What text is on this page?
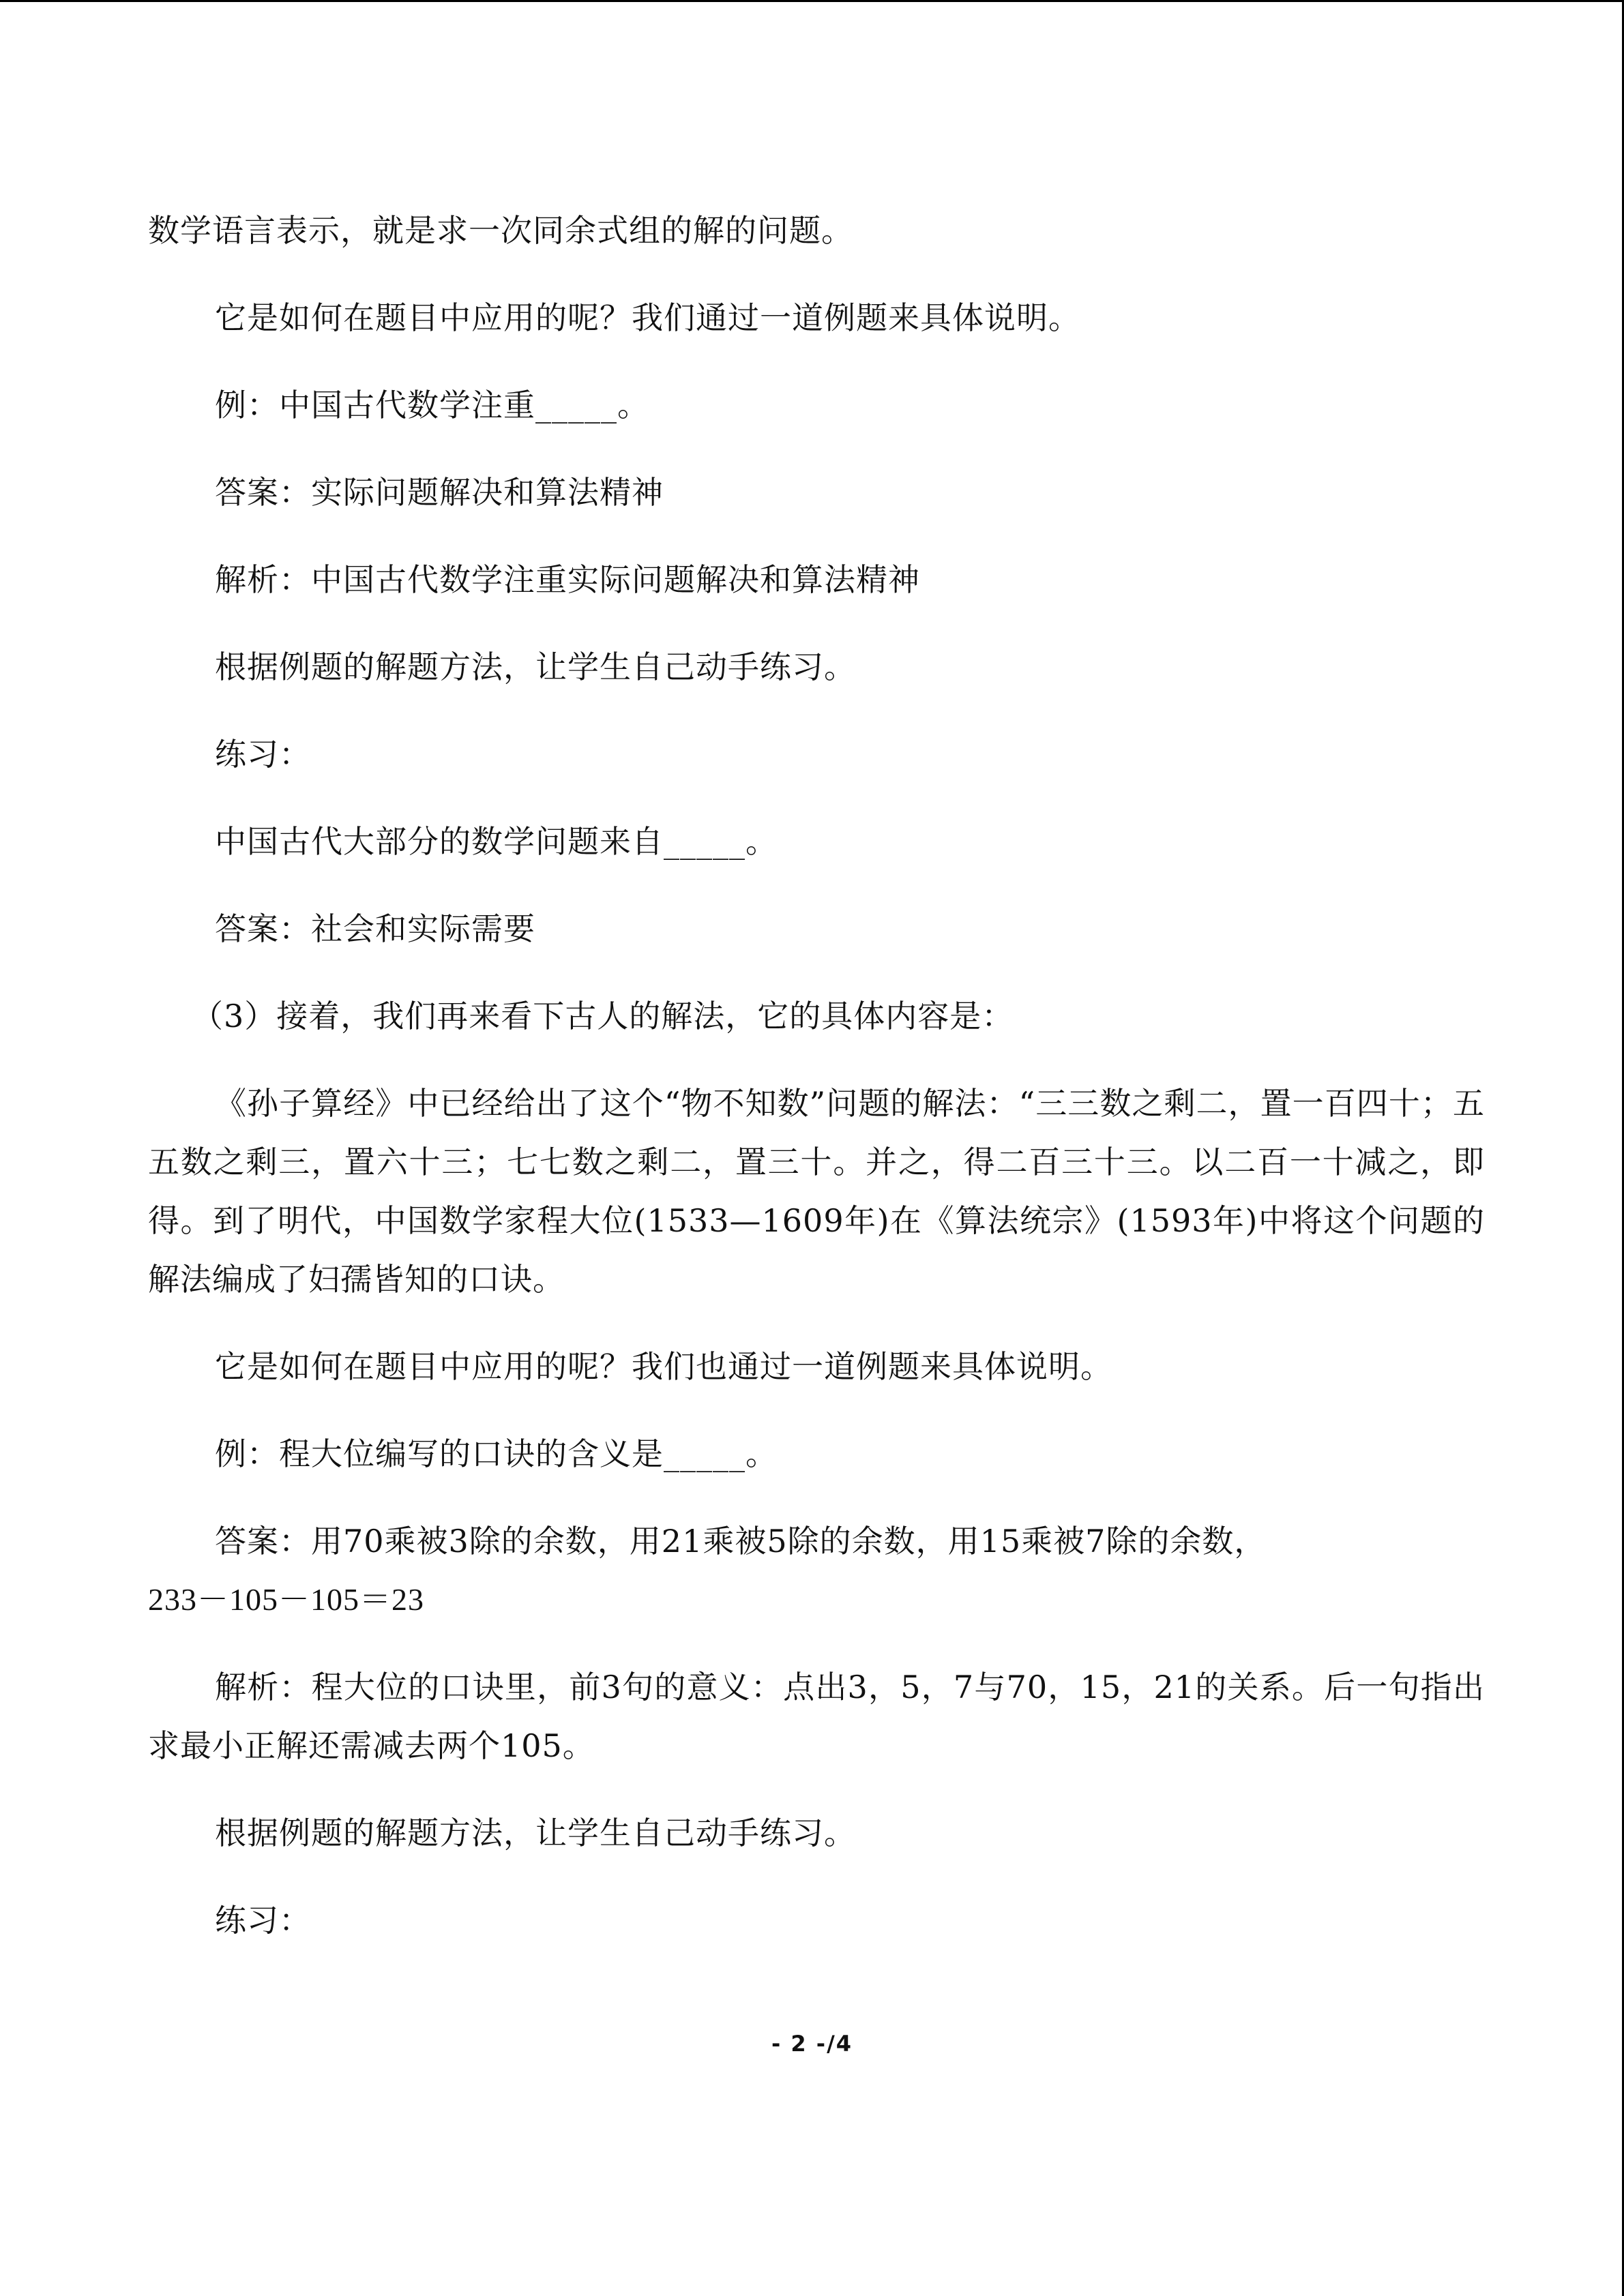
数学语言表示，就是求一次同余式组的解的问题。

它是如何在题目中应用的呢？我们通过一道例题来具体说明。

例：中国古代数学注重_____。

答案：实际问题解决和算法精神

解析：中国古代数学注重实际问题解决和算法精神

根据例题的解题方法，让学生自己动手练习。

练习：

中国古代大部分的数学问题来自_____。

答案：社会和实际需要

（3）接着，我们再来看下古人的解法，它的具体内容是：

《孙子算经》中已经给出了这个“物不知数”问题的解法：“三三数之剩二，置一百四十；五五数之剩三，置六十三；七七数之剩二，置三十。并之，得二百三十三。以二百一十减之，即得。到了明代，中国数学家程大位(1533—1609年)在《算法统宗》(1593年)中将这个问题的解法编成了妇孺皆知的口诀。

它是如何在题目中应用的呢？我们也通过一道例题来具体说明。

例：程大位编写的口诀的含义是_____。

答案：用70乘被3除的余数，用21乘被5除的余数，用15乘被7除的余数，

233－105－105＝23

解析：程大位的口诀里，前3句的意义：点出3，5，7与70，15，21的关系。后一句指出求最小正解还需减去两个105。

根据例题的解题方法，让学生自己动手练习。

练习：

- 2 -/4
